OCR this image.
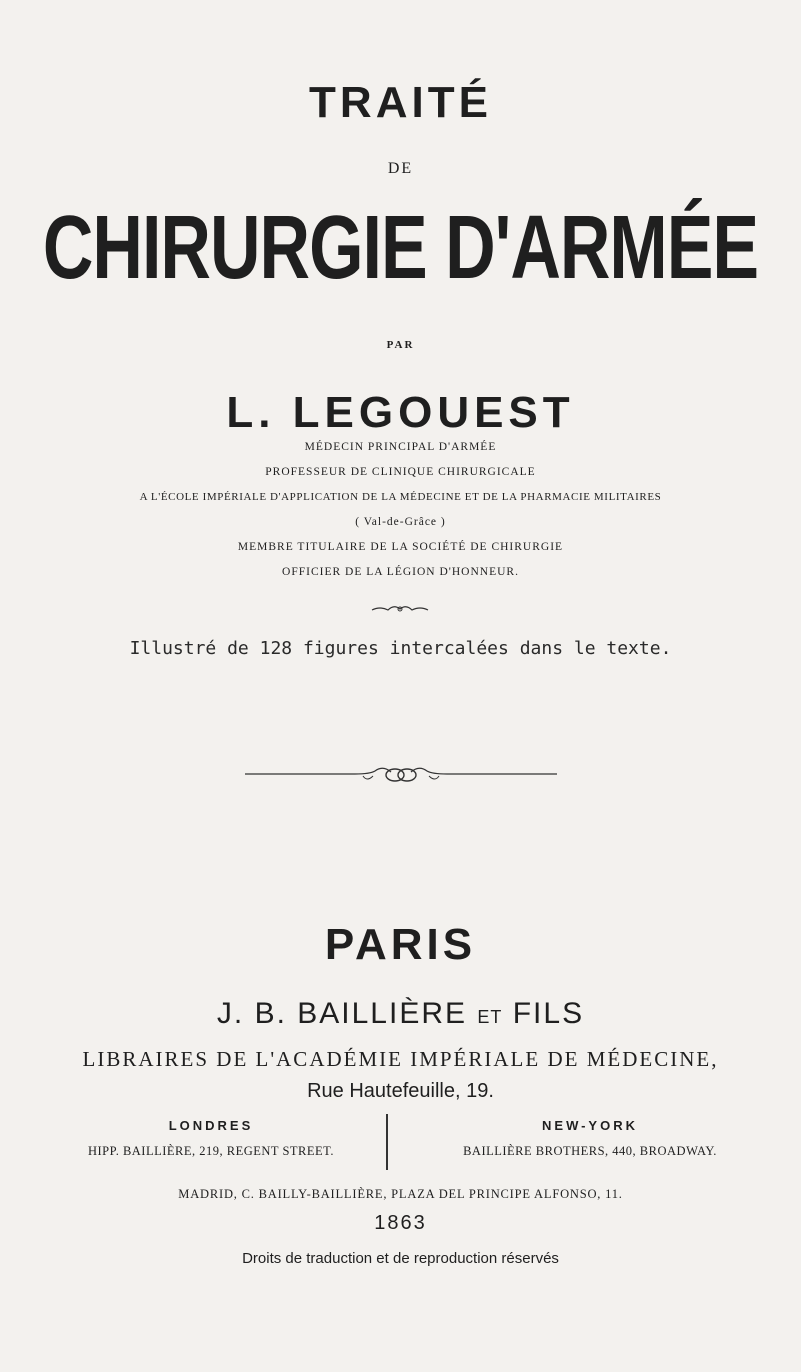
TRAITÉ
DE
CHIRURGIE D'ARMÉE
PAR
L. LEGOUEST
MÉDECIN PRINCIPAL D'ARMÉE
PROFESSEUR DE CLINIQUE CHIRURGICALE
A L'ÉCOLE IMPÉRIALE D'APPLICATION DE LA MÉDECINE ET DE LA PHARMACIE MILITAIRES
( Val-de-Grâce )
MEMBRE TITULAIRE DE LA SOCIÉTÉ DE CHIRURGIE
OFFICIER DE LA LÉGION D'HONNEUR.
Illustré de 128 figures intercalées dans le texte.
PARIS
J. B. BAILLIÈRE ET FILS
LIBRAIRES DE L'ACADÉMIE IMPÉRIALE DE MÉDECINE,
Rue Hautefeuille, 19.
LONDRES
HIPP. BAILLIÈRE, 219, REGENT STREET.
NEW-YORK
BAILLIÈRE BROTHERS, 440, BROADWAY.
MADRID, C. BAILLY-BAILLIÈRE, PLAZA DEL PRINCIPE ALFONSO, 11.
1863
Droits de traduction et de reproduction réservés
